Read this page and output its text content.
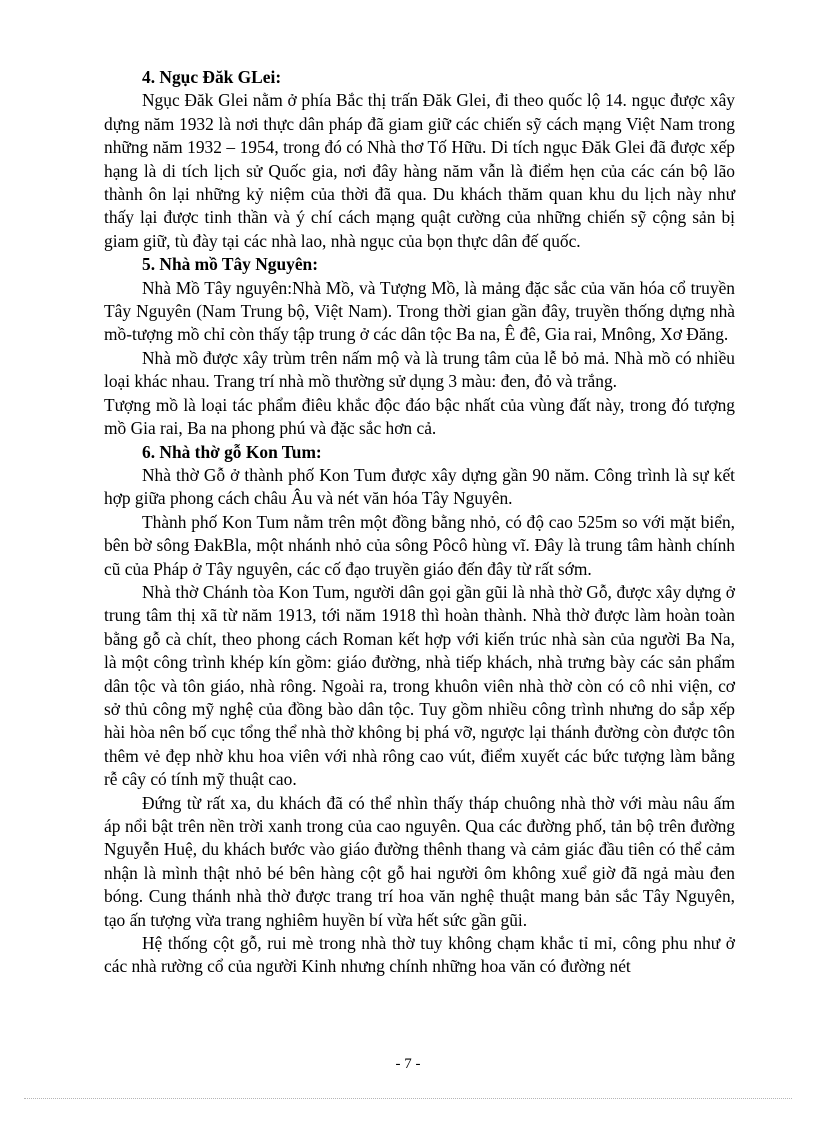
4. Ngục Đăk GLei:

Ngục Đăk Glei nằm ở phía Bắc thị trấn Đăk Glei, đi theo quốc lộ 14. ngục được xây dựng năm 1932 là nơi thực dân pháp đã giam giữ các chiến sỹ cách mạng Việt Nam trong những năm 1932 – 1954, trong đó có Nhà thơ Tố Hữu. Di tích ngục Đăk Glei đã được xếp hạng là di tích lịch sử Quốc gia, nơi đây hàng năm vẫn là điểm hẹn của các cán bộ lão thành ôn lại những kỷ niệm của thời đã qua. Du khách thăm quan khu du lịch này như thấy lại được tinh thần và ý chí cách mạng quật cường của những chiến sỹ cộng sản bị giam giữ, tù đày tại các nhà lao, nhà ngục của bọn thực dân đế quốc.

5. Nhà mồ Tây Nguyên:

Nhà Mồ Tây nguyên:Nhà Mồ, và Tượng Mồ, là mảng đặc sắc của văn hóa cổ truyền Tây Nguyên (Nam Trung bộ, Việt Nam). Trong thời gian gần đây, truyền thống dựng nhà mồ-tượng mồ chỉ còn thấy tập trung ở các dân tộc Ba na, Ê đê, Gia rai, Mnông, Xơ Đăng.

Nhà mồ được xây trùm trên nấm mộ và là trung tâm của lễ bỏ mả. Nhà mồ có nhiều loại khác nhau. Trang trí nhà mồ thường sử dụng 3 màu: đen, đỏ và trắng.

Tượng mồ là loại tác phẩm điêu khắc độc đáo bậc nhất của vùng đất này, trong đó tượng mồ Gia rai, Ba na phong phú và đặc sắc hơn cả.

6. Nhà thờ gỗ Kon Tum:

Nhà thờ Gỗ ở thành phố Kon Tum được xây dựng gần 90 năm. Công trình là sự kết hợp giữa phong cách châu Âu và nét văn hóa Tây Nguyên.

Thành phố Kon Tum nằm trên một đồng bằng nhỏ, có độ cao 525m so với mặt biển, bên bờ sông ĐakBla, một nhánh nhỏ của sông Pôcô hùng vĩ. Đây là trung tâm hành chính cũ của Pháp ở Tây nguyên, các cố đạo truyền giáo đến đây từ rất sớm.

Nhà thờ Chánh tòa Kon Tum, người dân gọi gần gũi là nhà thờ Gỗ, được xây dựng ở trung tâm thị xã từ năm 1913, tới năm 1918 thì hoàn thành. Nhà thờ được làm hoàn toàn bằng gỗ cà chít, theo phong cách Roman kết hợp với kiến trúc nhà sàn của người Ba Na, là một công trình khép kín gồm: giáo đường, nhà tiếp khách, nhà trưng bày các sản phẩm dân tộc và tôn giáo, nhà rông. Ngoài ra, trong khuôn viên nhà thờ còn có cô nhi viện, cơ sở thủ công mỹ nghệ của đồng bào dân tộc. Tuy gồm nhiều công trình nhưng do sắp xếp hài hòa nên bố cục tổng thể nhà thờ không bị phá vỡ, ngược lại thánh đường còn được tôn thêm vẻ đẹp nhờ khu hoa viên với nhà rông cao vút, điểm xuyết các bức tượng làm bằng rễ cây có tính mỹ thuật cao.

Đứng từ rất xa, du khách đã có thể nhìn thấy tháp chuông nhà thờ với màu nâu ấm áp nổi bật trên nền trời xanh trong của cao nguyên. Qua các đường phố, tản bộ trên đường Nguyễn Huệ, du khách bước vào giáo đường thênh thang và cảm giác đầu tiên có thể cảm nhận là mình thật nhỏ bé bên hàng cột gỗ hai người ôm không xuể giờ đã ngả màu đen bóng. Cung thánh nhà thờ được trang trí hoa văn nghệ thuật mang bản sắc Tây Nguyên, tạo ấn tượng vừa trang nghiêm huyền bí vừa hết sức gần gũi.

Hệ thống cột gỗ, rui mè trong nhà thờ tuy không chạm khắc tỉ mỉ, công phu như ở các nhà rường cổ của người Kinh nhưng chính những hoa văn có đường nét

- 7 -
